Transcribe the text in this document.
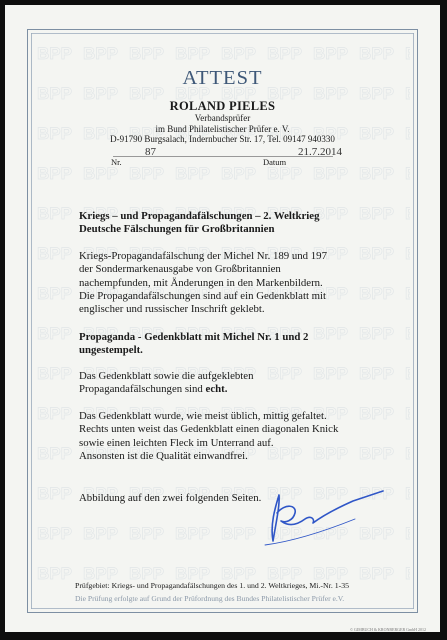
ATTEST
ROLAND PIELES
Verbandsprüfer
im Bund Philatelistischer Prüfer e. V.
D-91790 Burgsalach, Indernbucher Str. 17, Tel. 09147 940330
87
Nr.
21.7.2014
Datum
Kriegs – und Propagandafälschungen – 2. Weltkrieg
Deutsche Fälschungen für Großbritannien
Kriegs-Propagandafälschung der Michel Nr. 189 und 197
der Sondermarkenausgabe von Großbritannien
nachempfunden, mit Änderungen in den Markenbildern.
Die Propagandafälschungen sind auf ein Gedenkblatt mit
englischer und russischer Inschrift geklebt.
Propaganda - Gedenkblatt mit Michel Nr. 1 und 2
ungestempelt.
Das Gedenkblatt sowie die aufgeklebten
Propagandafälschungen sind echt.
Das Gedenkblatt wurde, wie meist üblich, mittig gefaltet.
Rechts unten weist das Gedenkblatt einen diagonalen Knick
sowie einen leichten Fleck im Unterrand auf.
Ansonsten ist die Qualität einwandfrei.
Abbildung auf den zwei folgenden Seiten.
Prüfgebiet: Kriegs- und Propagandafälschungen des 1. und 2. Weltkrieges, Mi.-Nr. 1-35
Die Prüfung erfolgte auf Grund der Prüfordnung des Bundes Philatelistischer Prüfer e.V.
© GIMBUCH & KRONBERGER GmbH 2012
